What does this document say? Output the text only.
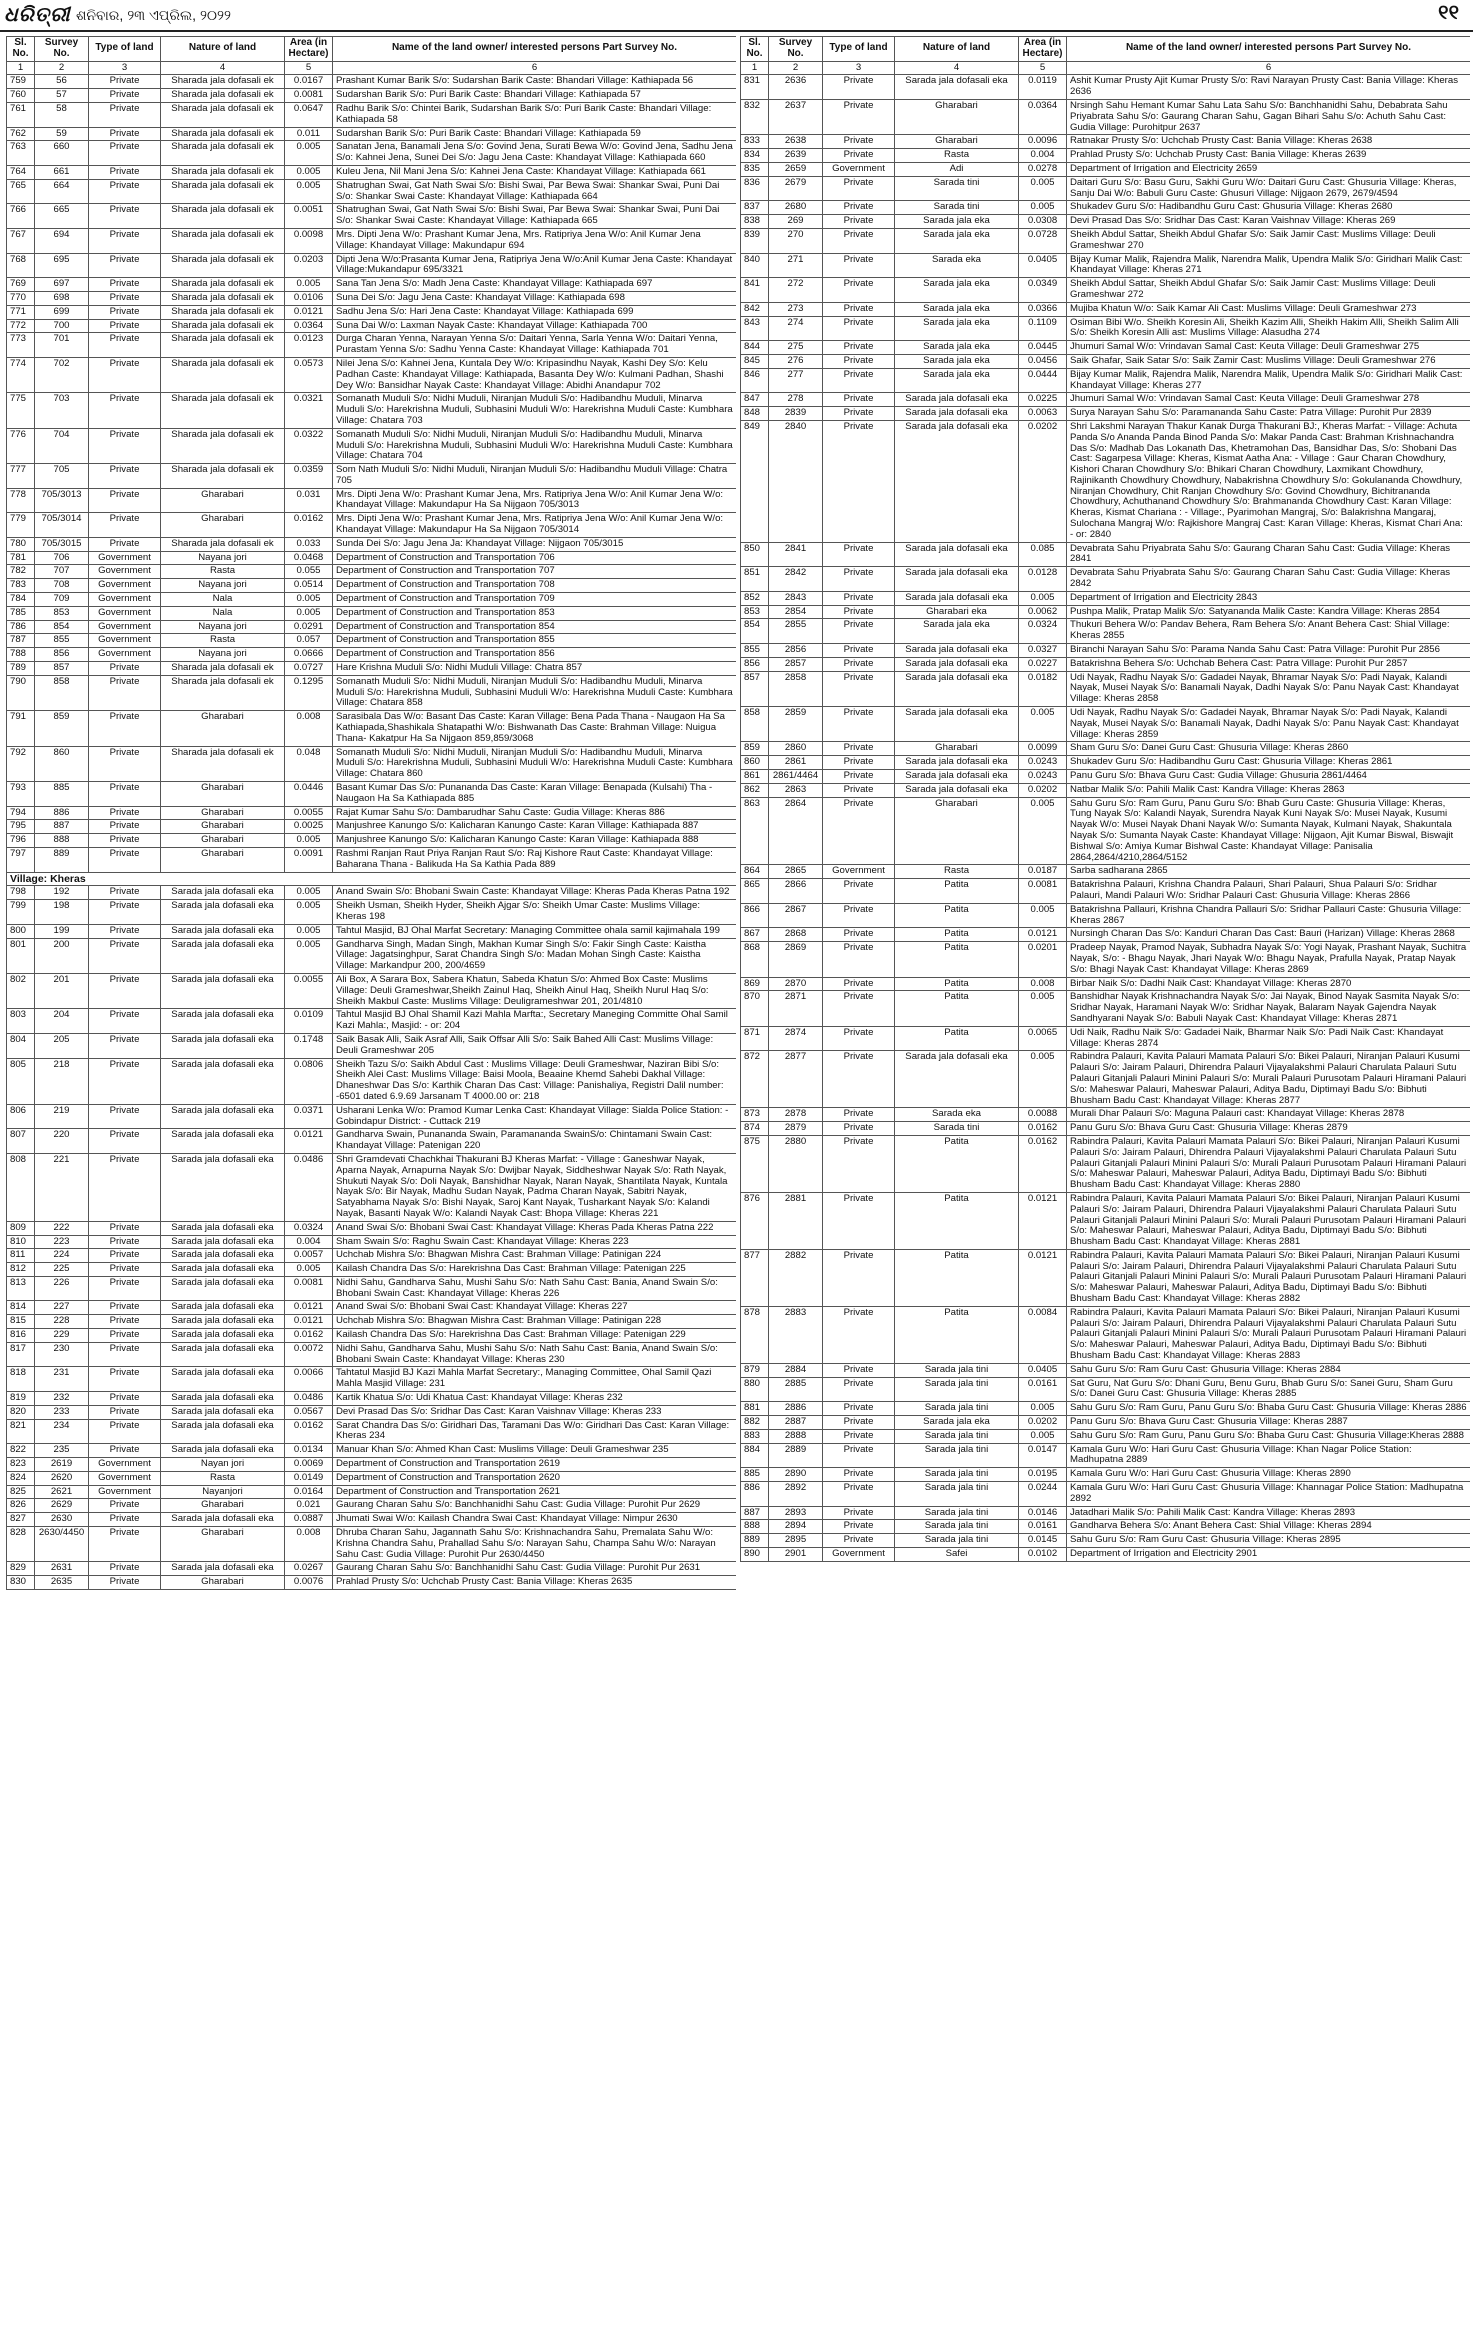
ଧରିତ୍ରୀ ଶନିବାର, ୨୩ ଏପ୍ରିଲ, ୨୦୨୨	୧୧
Sl. No.	Survey No.	Type of land	Nature of land	Area (in Hectare)	Name of the land owner/ interested persons Part Survey No.
1	2	3	4	5	6
759	56	Private	Sharada jala dofasali ek	0.0167	Prashant Kumar Barik S/o: Sudarshan Barik Caste: Bhandari Village: Kathiapada 56
760	57	Private	Sharada jala dofasali ek	0.0081	Sudarshan Barik S/o: Puri Barik Caste: Bhandari Village: Kathiapada 57
761	58	Private	Sharada jala dofasali ek	0.0647	Radhu Barik S/o: Chintei Barik, Sudarshan Barik S/o: Puri Barik Caste: Bhandari Village: Kathiapada 58
762	59	Private	Sharada jala dofasali ek	0.011	Sudarshan Barik S/o: Puri Barik Caste: Bhandari Village: Kathiapada 59
763	660	Private	Sharada jala dofasali ek	0.005	Sanatan Jena, Banamali Jena S/o: Govind Jena, Surati Bewa W/o: Govind Jena, Sadhu Jena S/o: Kahnei Jena, Sunei Dei S/o: Jagu Jena Caste: Khandayat Village: Kathiapada 660
764	661	Private	Sharada jala dofasali ek	0.005	Kuleu Jena, Nil Mani Jena S/o: Kahnei Jena Caste: Khandayat Village: Kathiapada 661
765	664	Private	Sharada jala dofasali ek	0.005	Shatrughan Swai, Gat Nath Swai S/o: Bishi Swai, Par Bewa Swai: Shankar Swai, Puni Dai S/o: Shankar Swai Caste: Khandayat Village: Kathiapada 664
766	665	Private	Sharada jala dofasali ek	0.0051	Shatrughan Swai, Gat Nath Swai S/o: Bishi Swai, Par Bewa Swai: Shankar Swai, Puni Dai S/o: Shankar Swai Caste: Khandayat Village: Kathiapada 665
767	694	Private	Sharada jala dofasali ek	0.0098	Mrs. Dipti Jena W/o: Prashant Kumar Jena, Mrs. Ratipriya Jena W/o: Anil Kumar Jena Village: Khandayat Village: Makundapur 694
768	695	Private	Sharada jala dofasali ek	0.0203	Dipti Jena W/o:Prasanta Kumar Jena, Ratipriya Jena W/o:Anil Kumar Jena Caste: Khandayat Village:Mukandapur 695/3321
769	697	Private	Sharada jala dofasali ek	0.005	Sana Tan Jena S/o: Madh Jena Caste: Khandayat Village: Kathiapada 697
770	698	Private	Sharada jala dofasali ek	0.0106	Suna Dei S/o: Jagu Jena Caste: Khandayat Village: Kathiapada 698
771	699	Private	Sharada jala dofasali ek	0.0121	Sadhu Jena S/o: Hari Jena Caste: Khandayat Village: Kathiapada 699
772	700	Private	Sharada jala dofasali ek	0.0364	Suna Dai W/o: Laxman Nayak Caste: Khandayat Village: Kathiapada 700
773	701	Private	Sharada jala dofasali ek	0.0123	Durga Charan Yenna, Narayan Yenna S/o: Daitari Yenna, Sarla Yenna W/o: Daitari Yenna, Purastam Yenna S/o: Sadhu Yenna Caste: Khandayat Village: Kathiapada 701
774	702	Private	Sharada jala dofasali ek	0.0573	Nilei Jena S/o: Kahnei Jena, Kuntala Dey W/o: Kripasindhu Nayak, Kashi Dey S/o: Kelu Padhan Caste: Khandayat Village: Kathiapada, Basanta Dey W/o: Kulmani Padhan, Shashi Dey W/o: Bansidhar Nayak Caste: Khandayat Village: Abidhi Anandapur 702
775	703	Private	Sharada jala dofasali ek	0.0321	Somanath Muduli S/o: Nidhi Muduli, Niranjan Muduli S/o: Hadibandhu Muduli, Minarva Muduli S/o: Harekrishna Muduli, Subhasini Muduli W/o: Harekrishna Muduli Caste: Kumbhara Village: Chatara 703
776	704	Private	Sharada jala dofasali ek	0.0322	Somanath Muduli S/o: Nidhi Muduli, Niranjan Muduli S/o: Hadibandhu Muduli, Minarva Muduli S/o: Harekrishna Muduli, Subhasini Muduli W/o: Harekrishna Muduli Caste: Kumbhara Village: Chatara 704
777	705	Private	Sharada jala dofasali ek	0.0359	Som Nath Muduli S/o: Nidhi Muduli, Niranjan Muduli S/o: Hadibandhu Muduli Village: Chatra 705
778	705/3013	Private	Gharabari	0.031	Mrs. Dipti Jena W/o: Prashant Kumar Jena, Mrs. Ratipriya Jena W/o: Anil Kumar Jena W/o: Khandayat Village: Makundapur Ha Sa Nijgaon 705/3013
779	705/3014	Private	Gharabari	0.0162	Mrs. Dipti Jena W/o: Prashant Kumar Jena, Mrs. Ratipriya Jena W/o: Anil Kumar Jena W/o: Khandayat Village: Makundapur Ha Sa Nijgaon 705/3014
780	705/3015	Private	Sharada jala dofasali ek	0.033	Sunda Dei S/o: Jagu Jena Ja: Khandayat Village: Nijgaon 705/3015
781	706	Government	Nayana jori	0.0468	Department of Construction and Transportation 706
782	707	Government	Rasta	0.055	Department of Construction and Transportation 707
783	708	Government	Nayana jori	0.0514	Department of Construction and Transportation 708
784	709	Government	Nala	0.005	Department of Construction and Transportation 709
785	853	Government	Nala	0.005	Department of Construction and Transportation 853
786	854	Government	Nayana jori	0.0291	Department of Construction and Transportation 854
787	855	Government	Rasta	0.057	Department of Construction and Transportation 855
788	856	Government	Nayana jori	0.0666	Department of Construction and Transportation 856
789	857	Private	Sharada jala dofasali ek	0.0727	Hare Krishna Muduli S/o: Nidhi Muduli Village: Chatra 857
790	858	Private	Sharada jala dofasali ek	0.1295	Somanath Muduli S/o: Nidhi Muduli, Niranjan Muduli S/o: Hadibandhu Muduli, Minarva Muduli S/o: Harekrishna Muduli, Subhasini Muduli W/o: Harekrishna Muduli Caste: Kumbhara Village: Chatara 858
791	859	Private	Gharabari	0.008	Sarasibala Das W/o: Basant Das Caste: Karan Village: Bena Pada Thana - Naugaon Ha Sa Kathiapada,Shashikala Shatapathi W/o: Bishwanath Das Caste: Brahman Village: Nuigua Thana- Kakatpur Ha Sa Nijgaon 859,859/3068
792	860	Private	Sharada jala dofasali ek	0.048	Somanath Muduli S/o: Nidhi Muduli, Niranjan Muduli S/o: Hadibandhu Muduli, Minarva Muduli S/o: Harekrishna Muduli, Subhasini Muduli W/o: Harekrishna Muduli Caste: Kumbhara Village: Chatara 860
793	885	Private	Gharabari	0.0446	Basant Kumar Das S/o: Punananda Das Caste: Karan Village: Benapada (Kulsahi) Tha - Naugaon Ha Sa Kathiapada 885
794	886	Private	Gharabari	0.0055	Rajat Kumar Sahu S/o: Dambarudhar Sahu Caste: Gudia Village: Kheras 886
795	887	Private	Gharabari	0.0025	Manjushree Kanungo S/o: Kalicharan Kanungo Caste: Karan Village: Kathiapada 887
796	888	Private	Gharabari	0.005	Manjushree Kanungo S/o: Kalicharan Kanungo Caste: Karan Village: Kathiapada 888
797	889	Private	Gharabari	0.0091	Rashmi Ranjan Raut Priya Ranjan Raut S/o: Raj Kishore Raut Caste: Khandayat Village: Baharana Thana - Balikuda Ha Sa Kathia Pada 889
Village: Kheras					
798	192	Private	Sarada jala dofasali eka	0.005	Anand Swain S/o: Bhobani Swain Caste: Khandayat Village: Kheras Pada Kheras Patna 192
799	198	Private	Sarada jala dofasali eka	0.005	Sheikh Usman, Sheikh Hyder, Sheikh Ajgar S/o: Sheikh Umar Caste: Muslims Village: Kheras 198
800	199	Private	Sarada jala dofasali eka	0.005	Tahtul Masjid, BJ Ohal Marfat Secretary: Managing Committee ohala samil kajimahala 199
801	200	Private	Sarada jala dofasali eka	0.005	Gandharva Singh, Madan Singh, Makhan Kumar Singh S/o: Fakir Singh Caste: Kaistha Village: Jagatsinghpur, Sarat Chandra Singh S/o: Madan Mohan Singh Caste: Kaistha Village: Markandpur 200, 200/4659
802	201	Private	Sarada jala dofasali eka	0.0055	Ali Box, A Sarara Box, Sabera Khatun, Sabeda Khatun S/o: Ahmed Box Caste: Muslims Village: Deuli Grameshwar,Sheikh Zainul Haq, Sheikh Ainul Haq, Sheikh Nurul Haq S/o: Sheikh Makbul Caste: Muslims Village: Deuligrameshwar 201, 201/4810
803	204	Private	Sarada jala dofasali eka	0.0109	Tahtul Masjid BJ Ohal Shamil Kazi Mahla Marfta:, Secretary Maneging Committe Ohal Samil Kazi Mahla:, Masjid: - or: 204
804	205	Private	Sarada jala dofasali eka	0.1748	Saik Basak Alli, Saik Asraf Alli, Saik Offsar Alli S/o: Saik Bahed Alli Cast: Muslims Village: Deuli Grameshwar 205
805	218	Private	Sarada jala dofasali eka	0.0806	Sheikh Tazu S/o: Saikh Abdul Cast : Muslims Village: Deuli Grameshwar, Naziran Bibi S/o: Sheikh Alei Cast: Muslims Village: Baisi Moola, Beaaine Khemd Sahebi Dakhal Village: Dhaneshwar Das S/o: Karthik Charan Das Cast: Village: Panishaliya, Registri Dalil number: -6501 dated 6.9.69 Jarsanam T 4000.00 or: 218
806	219	Private	Sarada jala dofasali eka	0.0371	Usharani Lenka W/o: Pramod Kumar Lenka Cast: Khandayat Village: Sialda Police Station: - Gobindapur District: - Cuttack 219
807	220	Private	Sarada jala dofasali eka	0.0121	Gandharva Swain, Punananda Swain, Paramananda SwainS/o: Chintamani Swain Cast: Khandayat Village: Patenigan 220
808	221	Private	Sarada jala dofasali eka	0.0486	Shri Gramdevati Chachkhai Thakurani BJ Kheras Marfat: - Village : Ganeshwar Nayak, Aparna Nayak, Arnapurna Nayak S/o: Dwijbar Nayak, Siddheshwar Nayak S/o: Rath Nayak, Shukuti Nayak S/o: Doli Nayak, Banshidhar Nayak, Naran Nayak, Shantilata Nayak, Kuntala Nayak S/o: Bir Nayak, Madhu Sudan Nayak, Padma Charan Nayak, Sabitri Nayak, Satyabhama Nayak S/o: Bishi Nayak, Saroj Kant Nayak, Tusharkant Nayak S/o: Kalandi Nayak, Basanti Nayak W/o: Kalandi Nayak Cast: Bhopa Village: Kheras 221
809	222	Private	Sarada jala dofasali eka	0.0324	Anand Swai S/o: Bhobani Swai Cast: Khandayat Village: Kheras Pada Kheras Patna 222
810	223	Private	Sarada jala dofasali eka	0.004	Sham Swain S/o: Raghu Swain Cast: Khandayat Village: Kheras 223
811	224	Private	Sarada jala dofasali eka	0.0057	Uchchab Mishra S/o: Bhagwan Mishra Cast: Brahman Village: Patinigan 224
812	225	Private	Sarada jala dofasali eka	0.005	Kailash Chandra Das S/o: Harekrishna Das Cast: Brahman Village: Patenigan 225
813	226	Private	Sarada jala dofasali eka	0.0081	Nidhi Sahu, Gandharva Sahu, Mushi Sahu S/o: Nath Sahu Cast: Bania, Anand Swain S/o: Bhobani Swain Cast: Khandayat Village: Kheras 226
814	227	Private	Sarada jala dofasali eka	0.0121	Anand Swai S/o: Bhobani Swai Cast: Khandayat Village: Kheras 227
815	228	Private	Sarada jala dofasali eka	0.0121	Uchchab Mishra S/o: Bhagwan Mishra Cast: Brahman Village: Patinigan 228
816	229	Private	Sarada jala dofasali eka	0.0162	Kailash Chandra Das S/o: Harekrishna Das Cast: Brahman Village: Patenigan 229
817	230	Private	Sarada jala dofasali eka	0.0072	Nidhi Sahu, Gandharva Sahu, Mushi Sahu S/o: Nath Sahu Cast: Bania, Anand Swain S/o: Bhobani Swain Caste: Khandayat Village: Kheras 230
818	231	Private	Sarada jala dofasali eka	0.0066	Tahtatul Masjid BJ Kazi Mahla Marfat Secretary:, Managing Committee, Ohal Samil Qazi Mahla Masjid Village: 231
819	232	Private	Sarada jala dofasali eka	0.0486	Kartik Khatua S/o: Udi Khatua Cast: Khandayat Village: Kheras 232
820	233	Private	Sarada jala dofasali eka	0.0567	Devi Prasad Das S/o: Sridhar Das Cast: Karan Vaishnav Village: Kheras 233
821	234	Private	Sarada jala dofasali eka	0.0162	Sarat Chandra Das S/o: Giridhari Das, Taramani Das W/o: Giridhari Das Cast: Karan Village: Kheras 234
822	235	Private	Sarada jala dofasali eka	0.0134	Manuar Khan S/o: Ahmed Khan Cast: Muslims Village: Deuli Grameshwar 235
823	2619	Government	Nayan jori	0.0069	Department of Construction and Transportation 2619
824	2620	Government	Rasta	0.0149	Department of Construction and Transportation 2620
825	2621	Government	Nayanjori	0.0164	Department of Construction and Transportation 2621
826	2629	Private	Gharabari	0.021	Gaurang Charan Sahu S/o: Banchhanidhi Sahu Cast: Gudia Village: Purohit Pur 2629
827	2630	Private	Sarada jala dofasali eka	0.0887	Jhumati Swai W/o: Kailash Chandra Swai Cast: Khandayat Village: Nimpur 2630
828	2630/4450	Private	Gharabari	0.008	Dhruba Charan Sahu, Jagannath Sahu S/o: Krishnachandra Sahu, Premalata Sahu W/o: Krishna Chandra Sahu, Prahallad Sahu S/o: Narayan Sahu, Champa Sahu W/o: Narayan Sahu Cast: Gudia Village: Purohit Pur 2630/4450
829	2631	Private	Sarada jala dofasali eka	0.0267	Gaurang Charan Sahu S/o: Banchhanidhi Sahu Cast: Gudia Village: Purohit Pur 2631
830	2635	Private	Gharabari	0.0076	Prahlad Prusty S/o: Uchchab Prusty Cast: Bania Village: Kheras 2635
Sl. No.	Survey No.	Type of land	Nature of land	Area (in Hectare)	Name of the land owner/ interested persons Part Survey No.
1	2	3	4	5	6
831	2636	Private	Sarada jala dofasali eka	0.0119	Ashit Kumar Prusty Ajit Kumar Prusty S/o: Ravi Narayan Prusty Cast: Bania Village: Kheras 2636
832	2637	Private	Gharabari	0.0364	Nrsingh Sahu Hemant Kumar Sahu Lata Sahu S/o: Banchhanidhi Sahu, Debabrata Sahu Priyabrata Sahu S/o: Gaurang Charan Sahu, Gagan Bihari Sahu S/o: Achuth Sahu Cast: Gudia Village: Purohitpur 2637
833	2638	Private	Gharabari	0.0096	Ratnakar Prusty S/o: Uchchab Prusty Cast: Bania Village: Kheras 2638
834	2639	Private	Rasta	0.004	Prahlad Prusty S/o: Uchchab Prusty Cast: Bania Village: Kheras 2639
835	2659	Government	Adi	0.0278	Department of Irrigation and Electricity 2659
836	2679	Private	Sarada tini	0.005	Daitari Guru S/o: Basu Guru, Sakhi Guru W/o: Daitari Guru Cast: Ghusuria Village: Kheras, Sanju Dai W/o: Babuli Guru Caste: Ghusuri Village: Nijgaon 2679, 2679/4594
837	2680	Private	Sarada tini	0.005	Shukadev Guru S/o: Hadibandhu Guru Cast: Ghusuria Village: Kheras 2680
838	269	Private	Sarada jala eka	0.0308	Devi Prasad Das S/o: Sridhar Das Cast: Karan Vaishnav Village: Kheras 269
839	270	Private	Sarada jala eka	0.0728	Sheikh Abdul Sattar, Sheikh Abdul Ghafar S/o: Saik Jamir Cast: Muslims Village: Deuli Grameshwar 270
840	271	Private	Sarada eka	0.0405	Bijay Kumar Malik, Rajendra Malik, Narendra Malik, Upendra Malik S/o: Giridhari Malik Cast: Khandayat Village: Kheras 271
841	272	Private	Sarada jala eka	0.0349	Sheikh Abdul Sattar, Sheikh Abdul Ghafar S/o: Saik Jamir Cast: Muslims Village: Deuli Grameshwar 272
842	273	Private	Sarada jala eka	0.0366	Mujiba Khatun W/o: Saik Kamar Ali Cast: Muslims Village: Deuli Grameshwar 273
843	274	Private	Sarada jala eka	0.1109	Osiman Bibi W/o. Sheikh Koresin Ali, Sheikh Kazim Alli, Sheikh Hakim Alli, Sheikh Salim Alli S/o: Sheikh Koresin Alli ast: Muslims Village: Alasudha 274
844	275	Private	Sarada jala eka	0.0445	Jhumuri Samal W/o: Vrindavan Samal Cast: Keuta Village: Deuli Grameshwar 275
845	276	Private	Sarada jala eka	0.0456	Saik Ghafar, Saik Satar S/o: Saik Zamir Cast: Muslims Village: Deuli Grameshwar 276
846	277	Private	Sarada jala eka	0.0444	Bijay Kumar Malik, Rajendra Malik, Narendra Malik, Upendra Malik S/o: Giridhari Malik Cast: Khandayat Village: Kheras 277
847	278	Private	Sarada jala dofasali eka	0.0225	Jhumuri Samal W/o: Vrindavan Samal Cast: Keuta Village: Deuli Grameshwar 278
848	2839	Private	Sarada jala dofasali eka	0.0063	Surya Narayan Sahu S/o: Paramananda Sahu Caste: Patra Village: Purohit Pur 2839
849	2840	Private	Sarada jala dofasali eka	0.0202	Shri Lakshmi Narayan Thakur Kanak Durga Thakurani BJ:, Kheras Marfat: - Village: Achuta Panda S/o Ananda Panda Binod Panda S/o: Makar Panda Cast: Brahman Krishnachandra Das S/o: Madhab Das Lokanath Das, Khetramohan Das, Bansidhar Das, S/o: Shobani Das Cast: Sagarpesa Village: Kheras, Kismat Aatha Ana: - Village : Gaur Charan Chowdhury, Kishori Charan Chowdhury S/o: Bhikari Charan Chowdhury, Laxmikant Chowdhury, Rajinikanth Chowdhury Chowdhury, Nabakrishna Chowdhury S/o: Gokulananda Chowdhury, Niranjan Chowdhury, Chit Ranjan Chowdhury S/o: Govind Chowdhury, Bichitrananda Chowdhury, Achuthanand Chowdhury S/o: Brahmananda Chowdhury Cast: Karan Village: Kheras, Kismat Chariana : - Village:, Pyarimohan Mangraj, S/o: Balakrishna Mangaraj, Sulochana Mangraj W/o: Rajkishore Mangraj Cast: Karan Village: Kheras, Kismat Chari Ana: - or: 2840
850	2841	Private	Sarada jala dofasali eka	0.085	Devabrata Sahu Priyabrata Sahu S/o: Gaurang Charan Sahu Cast: Gudia Village: Kheras 2841
851	2842	Private	Sarada jala dofasali eka	0.0128	Devabrata Sahu Priyabrata Sahu S/o: Gaurang Charan Sahu Cast: Gudia Village: Kheras 2842
852	2843	Private	Sarada jala dofasali eka	0.005	Department of Irrigation and Electricity 2843
853	2854	Private	Gharabari eka	0.0062	Pushpa Malik, Pratap Malik S/o: Satyananda Malik Caste: Kandra Village: Kheras 2854
854	2855	Private	Sarada jala eka	0.0324	Thukuri Behera W/o: Pandav Behera, Ram Behera S/o: Anant Behera Cast: Shial Village: Kheras 2855
855	2856	Private	Sarada jala dofasali eka	0.0327	Biranchi Narayan Sahu S/o: Parama Nanda Sahu Cast: Patra Village: Purohit Pur 2856
856	2857	Private	Sarada jala dofasali eka	0.0227	Batakrishna Behera S/o: Uchchab Behera Cast: Patra Village: Purohit Pur 2857
857	2858	Private	Sarada jala dofasali eka	0.0182	Udi Nayak, Radhu Nayak S/o: Gadadei Nayak, Bhramar Nayak S/o: Padi Nayak, Kalandi Nayak, Musei Nayak S/o: Banamali Nayak, Dadhi Nayak S/o: Panu Nayak Cast: Khandayat Village: Kheras 2858
858	2859	Private	Sarada jala dofasali eka	0.005	Udi Nayak, Radhu Nayak S/o: Gadadei Nayak, Bhramar Nayak S/o: Padi Nayak, Kalandi Nayak, Musei Nayak S/o: Banamali Nayak, Dadhi Nayak S/o: Panu Nayak Cast: Khandayat Village: Kheras 2859
859	2860	Private	Gharabari	0.0099	Sham Guru S/o: Danei Guru Cast: Ghusuria Village: Kheras 2860
860	2861	Private	Sarada jala dofasali eka	0.0243	Shukadev Guru S/o: Hadibandhu Guru Cast: Ghusuria Village: Kheras 2861
861	2861/4464	Private	Sarada jala dofasali eka	0.0243	Panu Guru S/o: Bhava Guru Cast: Gudia Village: Ghusuria 2861/4464
862	2863	Private	Sarada jala dofasali eka	0.0202	Natbar Malik S/o: Pahili Malik Cast: Kandra Village: Kheras 2863
863	2864	Private	Gharabari	0.005	Sahu Guru S/o: Ram Guru, Panu Guru S/o: Bhab Guru Caste: Ghusuria Village: Kheras, Tung Nayak S/o: Kalandi Nayak, Surendra Nayak Kuni Nayak S/o: Musei Nayak, Kusumi Nayak W/o: Musei Nayak Dhani Nayak W/o: Sumanta Nayak, Kulmani Nayak, Shakuntala Nayak S/o: Sumanta Nayak Caste: Khandayat Village: Nijgaon, Ajit Kumar Biswal, Biswajit Bishwal S/o: Amiya Kumar Bishwal Caste: Khandayat Village: Panisalia 2864,2864/4210,2864/5152
864	2865	Government	Rasta	0.0187	Sarba sadharana 2865
865	2866	Private	Patita	0.0081	Batakrishna Palauri, Krishna Chandra Palauri, Shari Palauri, Shua Palauri S/o: Sridhar Palauri, Mandi Palauri W/o: Sridhar Palauri Cast: Ghusuria Village: Kheras 2866
866	2867	Private	Patita	0.005	Batakrishna Pallauri, Krishna Chandra Pallauri S/o: Sridhar Pallauri Caste: Ghusuria Village: Kheras 2867
867	2868	Private	Patita	0.0121	Nursingh Charan Das S/o: Kanduri Charan Das Cast: Bauri (Harizan) Village: Kheras 2868
868	2869	Private	Patita	0.0201	Pradeep Nayak, Pramod Nayak, Subhadra Nayak S/o: Yogi Nayak, Prashant Nayak, Suchitra Nayak, S/o: - Bhagu Nayak, Jhari Nayak W/o: Bhagu Nayak, Prafulla Nayak, Pratap Nayak S/o: Bhagi Nayak Cast: Khandayat Village: Kheras 2869
869	2870	Private	Patita	0.008	Birbar Naik S/o: Dadhi Naik Cast: Khandayat Village: Kheras 2870
870	2871	Private	Patita	0.005	Banshidhar Nayak Krishnachandra Nayak S/o: Jai Nayak, Binod Nayak Sasmita Nayak S/o: Sridhar Nayak, Haramani Nayak W/o: Sridhar Nayak, Balaram Nayak Gajendra Nayak Sandhyarani Nayak S/o: Babuli Nayak Cast: Khandayat Village: Kheras 2871
871	2874	Private	Patita	0.0065	Udi Naik, Radhu Naik S/o: Gadadei Naik, Bharmar Naik S/o: Padi Naik Cast: Khandayat Village: Kheras 2874
872	2877	Private	Sarada jala dofasali eka	0.005	Rabindra Palauri, Kavita Palauri Mamata Palauri S/o: Bikei Palauri, Niranjan Palauri Kusumi Palauri S/o: Jairam Palauri, Dhirendra Palauri Vijayalakshmi Palauri Charulata Palauri Sutu Palauri Gitanjali Palauri Minini Palauri S/o: Murali Palauri Purusotam Palauri Hiramani Palauri S/o: Maheswar Palauri, Maheswar Palauri, Aditya Badu, Diptimayi Badu S/o: Bibhuti Bhusham Badu Cast: Khandayat Village: Kheras 2877
873	2878	Private	Sarada eka	0.0088	Murali Dhar Palauri S/o: Maguna Palauri cast: Khandayat Village: Kheras 2878
874	2879	Private	Sarada tini	0.0162	Panu Guru S/o: Bhava Guru Cast: Ghusuria Village: Kheras 2879
875	2880	Private	Patita	0.0162	Rabindra Palauri, Kavita Palauri Mamata Palauri S/o: Bikei Palauri, Niranjan Palauri Kusumi Palauri S/o: Jairam Palauri, Dhirendra Palauri Vijayalakshmi Palauri Charulata Palauri Sutu Palauri Gitanjali Palauri Minini Palauri S/o: Murali Palauri Purusotam Palauri Hiramani Palauri S/o: Maheswar Palauri, Maheswar Palauri, Aditya Badu, Diptimayi Badu S/o: Bibhuti Bhusham Badu Cast: Khandayat Village: Kheras 2880
876	2881	Private	Patita	0.0121	Rabindra Palauri, Kavita Palauri Mamata Palauri S/o: Bikei Palauri, Niranjan Palauri Kusumi Palauri S/o: Jairam Palauri, Dhirendra Palauri Vijayalakshmi Palauri Charulata Palauri Sutu Palauri Gitanjali Palauri Minini Palauri S/o: Murali Palauri Purusotam Palauri Hiramani Palauri S/o: Maheswar Palauri, Maheswar Palauri, Aditya Badu, Diptimayi Badu S/o: Bibhuti Bhusham Badu Cast: Khandayat Village: Kheras 2881
877	2882	Private	Patita	0.0121	Rabindra Palauri, Kavita Palauri Mamata Palauri S/o: Bikei Palauri, Niranjan Palauri Kusumi Palauri S/o: Jairam Palauri, Dhirendra Palauri Vijayalakshmi Palauri Charulata Palauri Sutu Palauri Gitanjali Palauri Minini Palauri S/o: Murali Palauri Purusotam Palauri Hiramani Palauri S/o: Maheswar Palauri, Maheswar Palauri, Aditya Badu, Diptimayi Badu S/o: Bibhuti Bhusham Badu Cast: Khandayat Village: Kheras 2882
878	2883	Private	Patita	0.0084	Rabindra Palauri, Kavita Palauri Mamata Palauri S/o: Bikei Palauri, Niranjan Palauri Kusumi Palauri S/o: Jairam Palauri, Dhirendra Palauri Vijayalakshmi Palauri Charulata Palauri Sutu Palauri Gitanjali Palauri Minini Palauri S/o: Murali Palauri Purusotam Palauri Hiramani Palauri S/o: Maheswar Palauri, Maheswar Palauri, Aditya Badu, Diptimayi Badu S/o: Bibhuti Bhusham Badu Cast: Khandayat Village: Kheras 2883
879	2884	Private	Sarada jala tini	0.0405	Sahu Guru S/o: Ram Guru Cast: Ghusuria Village: Kheras 2884
880	2885	Private	Sarada jala tini	0.0161	Sat Guru, Nat Guru S/o: Dhani Guru, Benu Guru, Bhab Guru S/o: Sanei Guru, Sham Guru S/o: Danei Guru Cast: Ghusuria Village: Kheras 2885
881	2886	Private	Sarada jala tini	0.005	Sahu Guru S/o: Ram Guru, Panu Guru S/o: Bhaba Guru Cast: Ghusuria Village: Kheras 2886
882	2887	Private	Sarada jala eka	0.0202	Panu Guru S/o: Bhava Guru Cast: Ghusuria Village: Kheras 2887
883	2888	Private	Sarada jala tini	0.005	Sahu Guru S/o: Ram Guru, Panu Guru S/o: Bhaba Guru Cast: Ghusuria Village:Kheras 2888
884	2889	Private	Sarada jala tini	0.0147	Kamala Guru W/o: Hari Guru Cast: Ghusuria Village: Khan Nagar Police Station: Madhupatna 2889
885	2890	Private	Sarada jala tini	0.0195	Kamala Guru W/o: Hari Guru Cast: Ghusuria Village: Kheras 2890
886	2892	Private	Sarada jala tini	0.0244	Kamala Guru W/o: Hari Guru Cast: Ghusuria Village: Khannagar Police Station: Madhupatna 2892
887	2893	Private	Sarada jala tini	0.0146	Jatadhari Malik S/o: Pahili Malik Cast: Kandra Village: Kheras 2893
888	2894	Private	Sarada jala tini	0.0161	Gandharva Behera S/o: Anant Behera Cast: Shial Village: Kheras 2894
889	2895	Private	Sarada jala tini	0.0145	Sahu Guru S/o: Ram Guru Cast: Ghusuria Village: Kheras 2895
890	2901	Government	Safei	0.0102	Department of Irrigation and Electricity 2901
